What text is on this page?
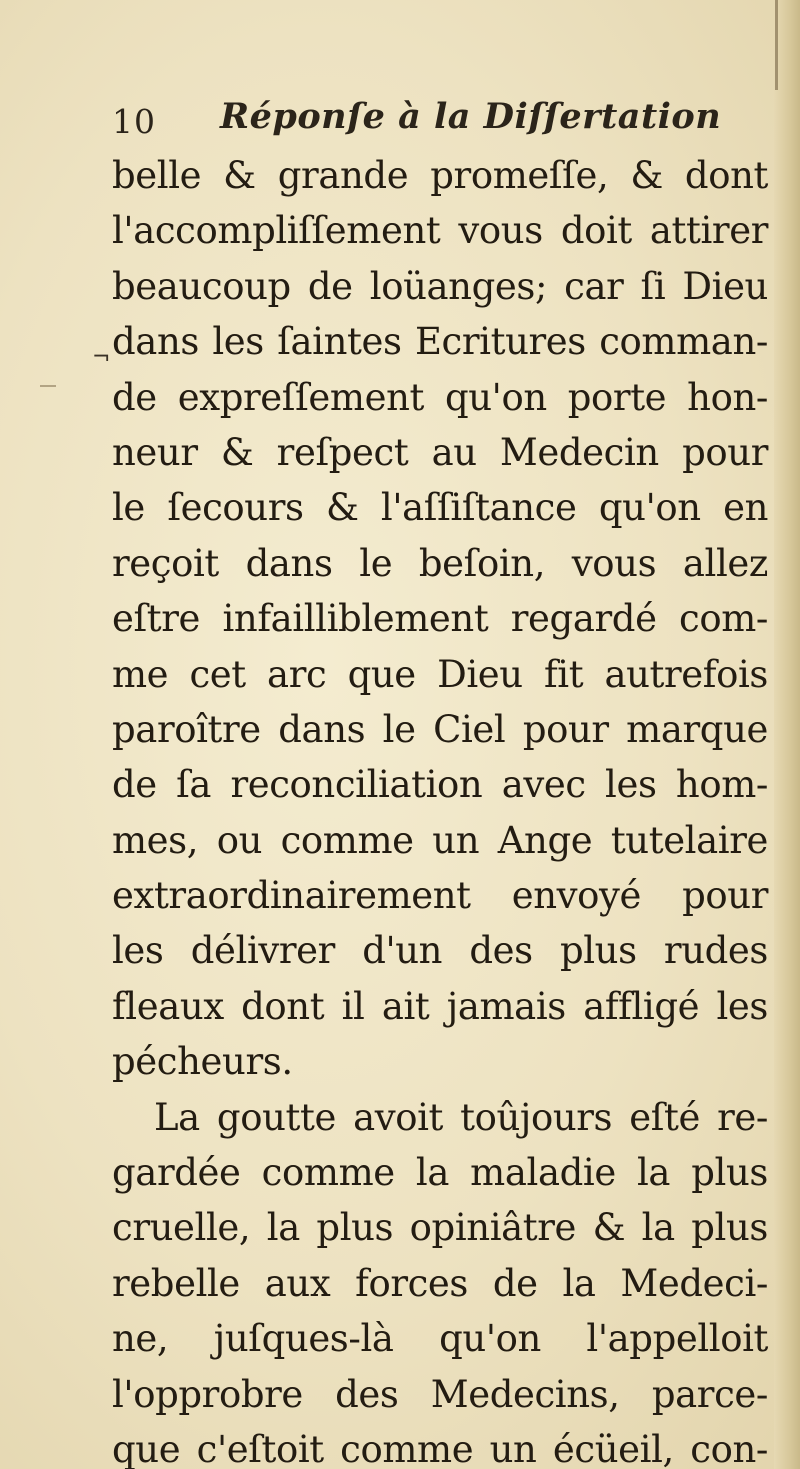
10 Réponſe à la Diſſertation
¬
belle & grande promeſſe, & dont
l'accompliſſement vous doit attirer
beaucoup de loüanges; car ſi Dieu
dans les ſaintes Ecritures comman-
de expreſſement qu'on porte hon-
neur & reſpect au Medecin pour
le ſecours & l'aſſiſtance qu'on en
reçoit dans le beſoin, vous allez
eſtre infailliblement regardé com-
me cet arc que Dieu fit autrefois
paroître dans le Ciel pour marque
de ſa reconciliation avec les hom-
mes, ou comme un Ange tutelaire
extraordinairement envoyé pour
les délivrer d'un des plus rudes
fleaux dont il ait jamais affligé les
pécheurs.
La goutte avoit toûjours eſté re-
gardée comme la maladie la plus
cruelle, la plus opiniâtre & la plus
rebelle aux forces de la Medeci-
ne, juſques-là qu'on l'appelloit
l'opprobre des Medecins, parce-
que c'eſtoit comme un écüeil, con-
